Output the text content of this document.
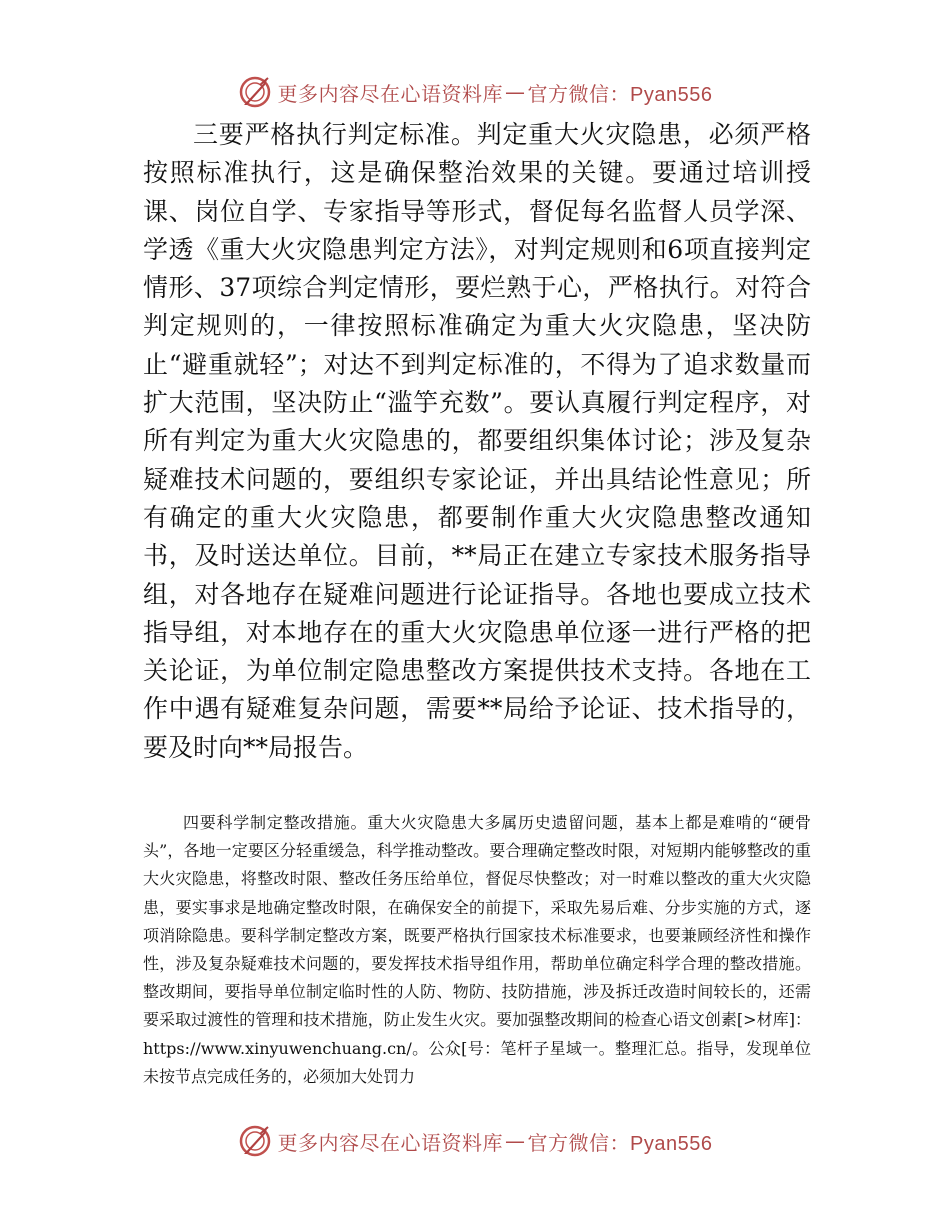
更多内容尽在心语资料库 — 官方微信：Pyan556

三要严格执行判定标准。判定重大火灾隐患，必须严格按照标准执行，这是确保整治效果的关键。要通过培训授课、岗位自学、专家指导等形式，督促每名监督人员学深、学透《重大火灾隐患判定方法》，对判定规则和6项直接判定情形、37项综合判定情形，要烂熟于心，严格执行。对符合判定规则的，一律按照标准确定为重大火灾隐患，坚决防止“避重就轻”；对达不到判定标准的，不得为了追求数量而扩大范围，坚决防止“滥竽充数”。要认真履行判定程序，对所有判定为重大火灾隐患的，都要组织集体讨论；涉及复杂疑难技术问题的，要组织专家论证，并出具结论性意见；所有确定的重大火灾隐患，都要制作重大火灾隐患整改通知书，及时送达单位。目前，**局正在建立专家技术服务指导组，对各地存在疑难问题进行论证指导。各地也要成立技术指导组，对本地存在的重大火灾隐患单位逐一进行严格的把关论证，为单位制定隐患整改方案提供技术支持。各地在工作中遇有疑难复杂问题，需要**局给予论证、技术指导的，要及时向**局报告。

四要科学制定整改措施。重大火灾隐患大多属历史遗留问题，基本上都是难啃的“硬骨头”，各地一定要区分轻重缓急，科学推动整改。要合理确定整改时限，对短期内能够整改的重大火灾隐患，将整改时限、整改任务压给单位，督促尽快整改；对一时难以整改的重大火灾隐患，要实事求是地确定整改时限，在确保安全的前提下，采取先易后难、分步实施的方式，逐项消除隐患。要科学制定整改方案，既要严格执行国家技术标准要求，也要兼顾经济性和操作性，涉及复杂疑难技术问题的，要发挥技术指导组作用，帮助单位确定科学合理的整改措施。整改期间，要指导单位制定临时性的人防、物防、技防措施，涉及拆迁改造时间较长的，还需要采取过渡性的管理和技术措施，防止发生火灾。要加强整改期间的检查心语文创素[>材库]：https://www.xinyuwenchuang.cn/。公众[号：笔杆子星域一。整理汇总。指导，发现单位未按节点完成任务的，必须加大处罚力

更多内容尽在心语资料库 — 官方微信：Pyan556
